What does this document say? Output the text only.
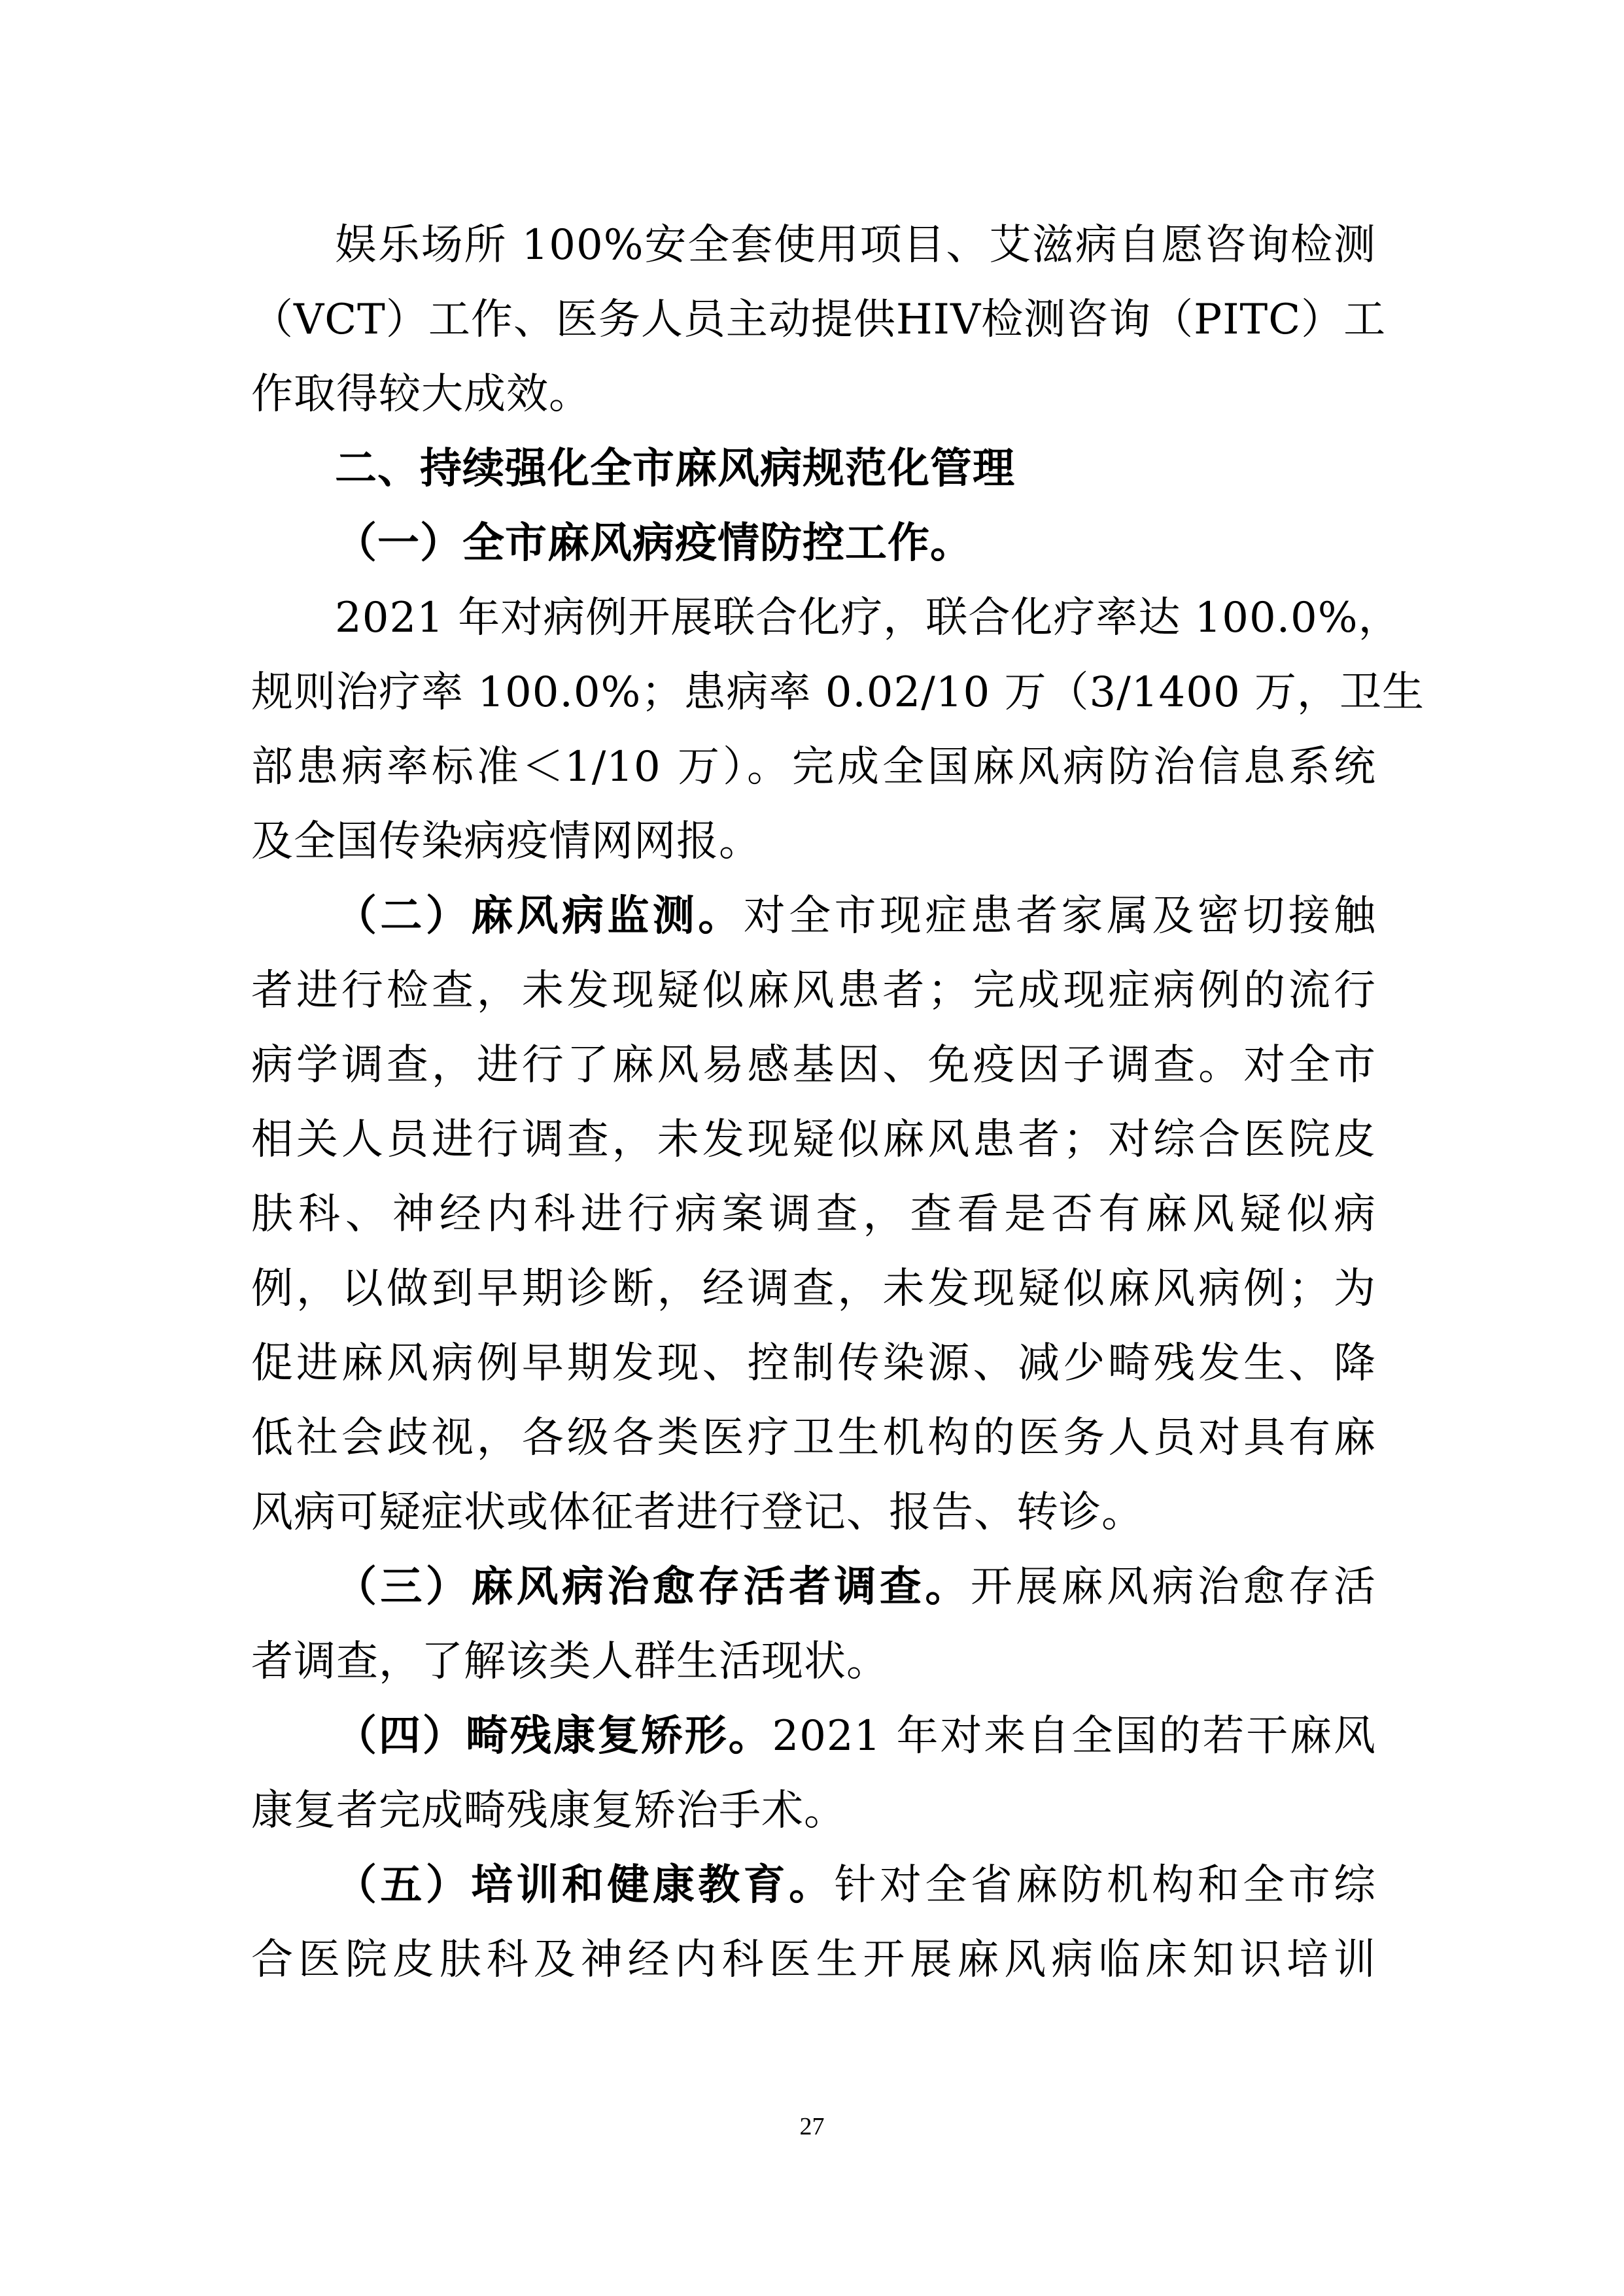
娱乐场所 100%安全套使用项目、艾滋病自愿咨询检测
（VCT）工作、医务人员主动提供HIV检测咨询（PITC）工
作取得较大成效。
二、持续强化全市麻风病规范化管理
（一）全市麻风病疫情防控工作。
2021 年对病例开展联合化疗，联合化疗率达 100.0%，
规则治疗率 100.0%；患病率 0.02/10 万（3/1400 万，卫生
部患病率标准＜1/10 万）。完成全国麻风病防治信息系统
及全国传染病疫情网网报。
（二）麻风病监测。对全市现症患者家属及密切接触
者进行检查，未发现疑似麻风患者；完成现症病例的流行
病学调查，进行了麻风易感基因、免疫因子调查。对全市
相关人员进行调查，未发现疑似麻风患者；对综合医院皮
肤科、神经内科进行病案调查，查看是否有麻风疑似病
例，以做到早期诊断，经调查，未发现疑似麻风病例；为
促进麻风病例早期发现、控制传染源、减少畸残发生、降
低社会歧视，各级各类医疗卫生机构的医务人员对具有麻
风病可疑症状或体征者进行登记、报告、转诊。
（三）麻风病治愈存活者调查。开展麻风病治愈存活
者调查，了解该类人群生活现状。
（四）畸残康复矫形。2021 年对来自全国的若干麻风
康复者完成畸残康复矫治手术。
（五）培训和健康教育。针对全省麻防机构和全市综
合医院皮肤科及神经内科医生开展麻风病临床知识培训
27
